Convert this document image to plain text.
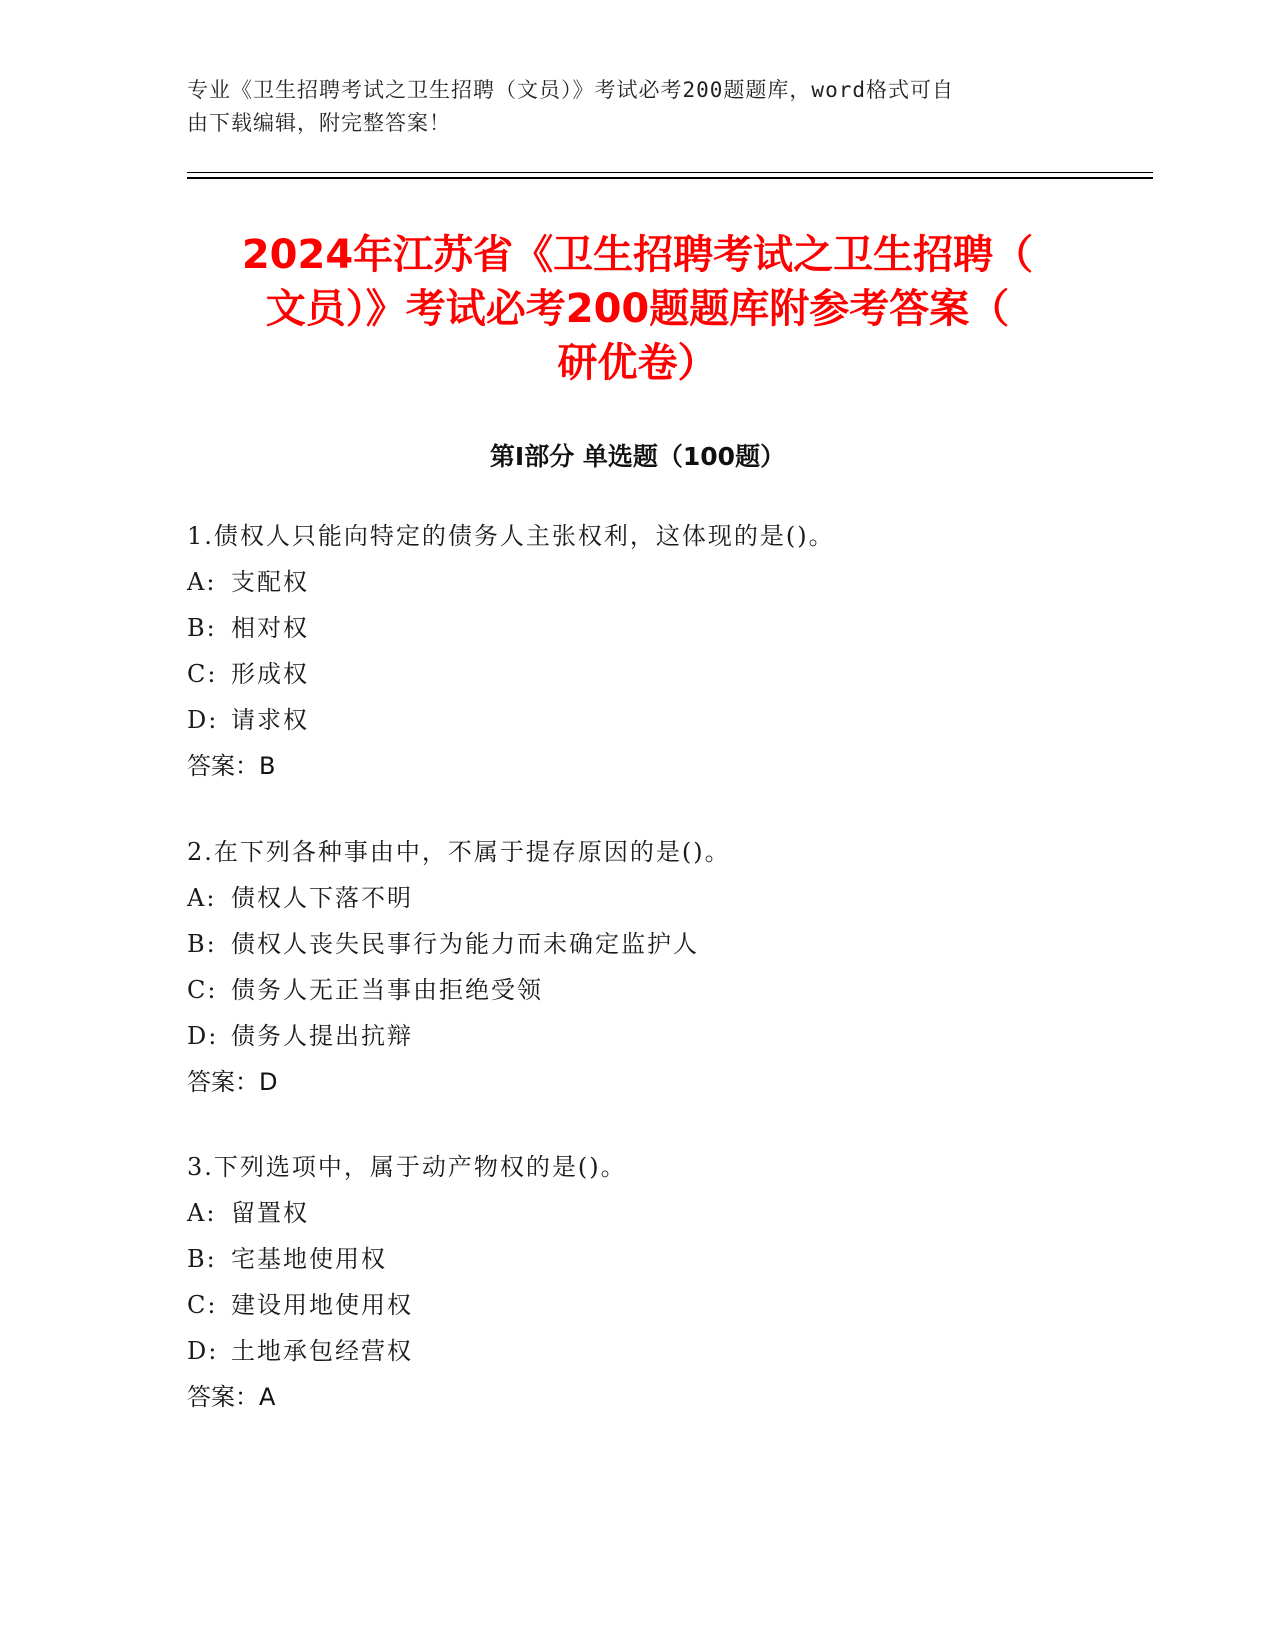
专业《卫生招聘考试之卫生招聘（文员）》考试必考200题题库，word格式可自
由下载编辑，附完整答案！
2024年江苏省《卫生招聘考试之卫生招聘（
文员）》考试必考200题题库附参考答案（
研优卷）
第I部分 单选题（100题）
1.债权人只能向特定的债务人主张权利，这体现的是()。
A: 支配权
B: 相对权
C: 形成权
D: 请求权
答案：B
2.在下列各种事由中，不属于提存原因的是()。
A: 债权人下落不明
B: 债权人丧失民事行为能力而未确定监护人
C: 债务人无正当事由拒绝受领
D: 债务人提出抗辩
答案：D
3.下列选项中，属于动产物权的是()。
A: 留置权
B: 宅基地使用权
C: 建设用地使用权
D: 土地承包经营权
答案：A
